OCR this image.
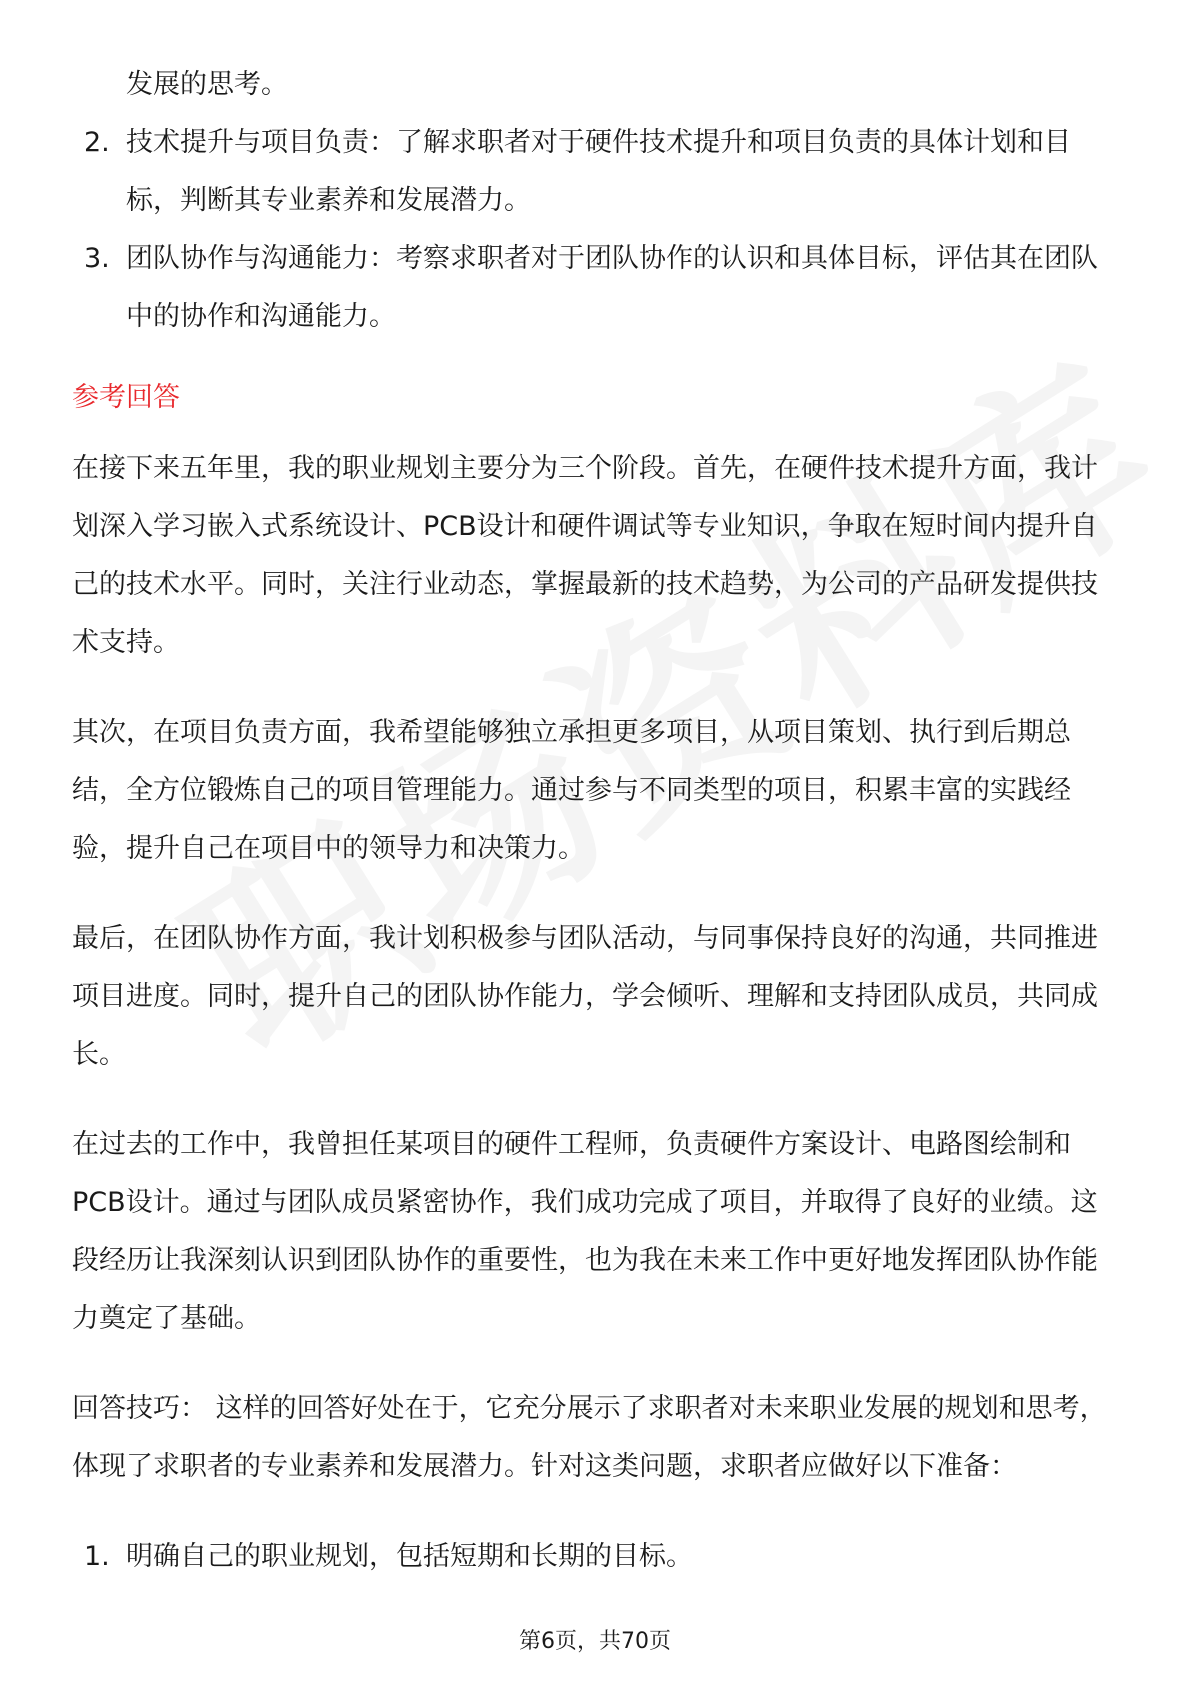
发展的思考。
2. 技术提升与项目负责：了解求职者对于硬件技术提升和项目负责的具体计划和目标，判断其专业素养和发展潜力。
3. 团队协作与沟通能力：考察求职者对于团队协作的认识和具体目标，评估其在团队中的协作和沟通能力。
参考回答

在接下来五年里，我的职业规划主要分为三个阶段。首先，在硬件技术提升方面，我计划深入学习嵌入式系统设计、PCB设计和硬件调试等专业知识，争取在短时间内提升自己的技术水平。同时，关注行业动态，掌握最新的技术趋势，为公司的产品研发提供技术支持。

其次，在项目负责方面，我希望能够独立承担更多项目，从项目策划、执行到后期总结，全方位锻炼自己的项目管理能力。通过参与不同类型的项目，积累丰富的实践经验，提升自己在项目中的领导力和决策力。

最后，在团队协作方面，我计划积极参与团队活动，与同事保持良好的沟通，共同推进项目进度。同时，提升自己的团队协作能力，学会倾听、理解和支持团队成员，共同成长。

在过去的工作中，我曾担任某项目的硬件工程师，负责硬件方案设计、电路图绘制和PCB设计。通过与团队成员紧密协作，我们成功完成了项目，并取得了良好的业绩。这段经历让我深刻认识到团队协作的重要性，也为我在未来工作中更好地发挥团队协作能力奠定了基础。

回答技巧： 这样的回答好处在于，它充分展示了求职者对未来职业发展的规划和思考，体现了求职者的专业素养和发展潜力。针对这类问题，求职者应做好以下准备：

1. 明确自己的职业规划，包括短期和长期的目标。
第6页，共70页
